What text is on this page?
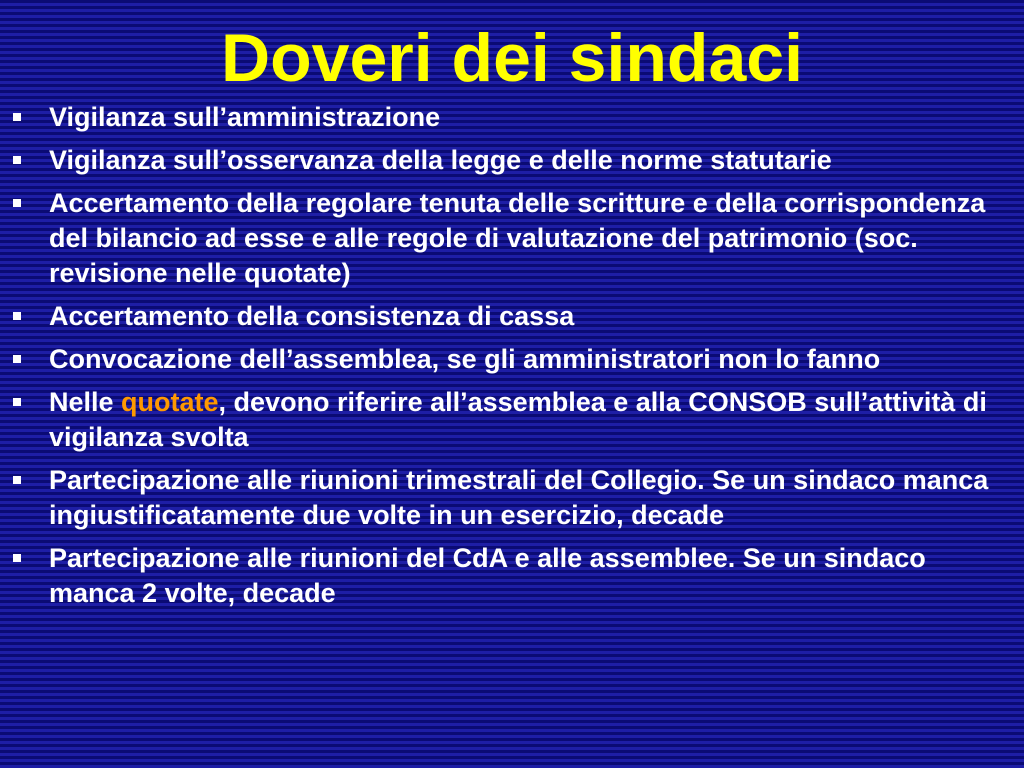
Doveri dei sindaci
Vigilanza sull’amministrazione
Vigilanza sull’osservanza della legge e delle norme statutarie
Accertamento della regolare tenuta delle scritture e della corrispondenza del bilancio ad esse e alle regole di valutazione del patrimonio (soc. revisione nelle quotate)
Accertamento della consistenza di cassa
Convocazione dell’assemblea, se gli amministratori non lo fanno
Nelle quotate, devono riferire all’assemblea e alla CONSOB sull’attività di vigilanza svolta
Partecipazione alle riunioni trimestrali del Collegio. Se un sindaco manca ingiustificatamente due volte in un esercizio, decade
Partecipazione alle riunioni del CdA e alle assemblee. Se un sindaco manca 2 volte, decade
